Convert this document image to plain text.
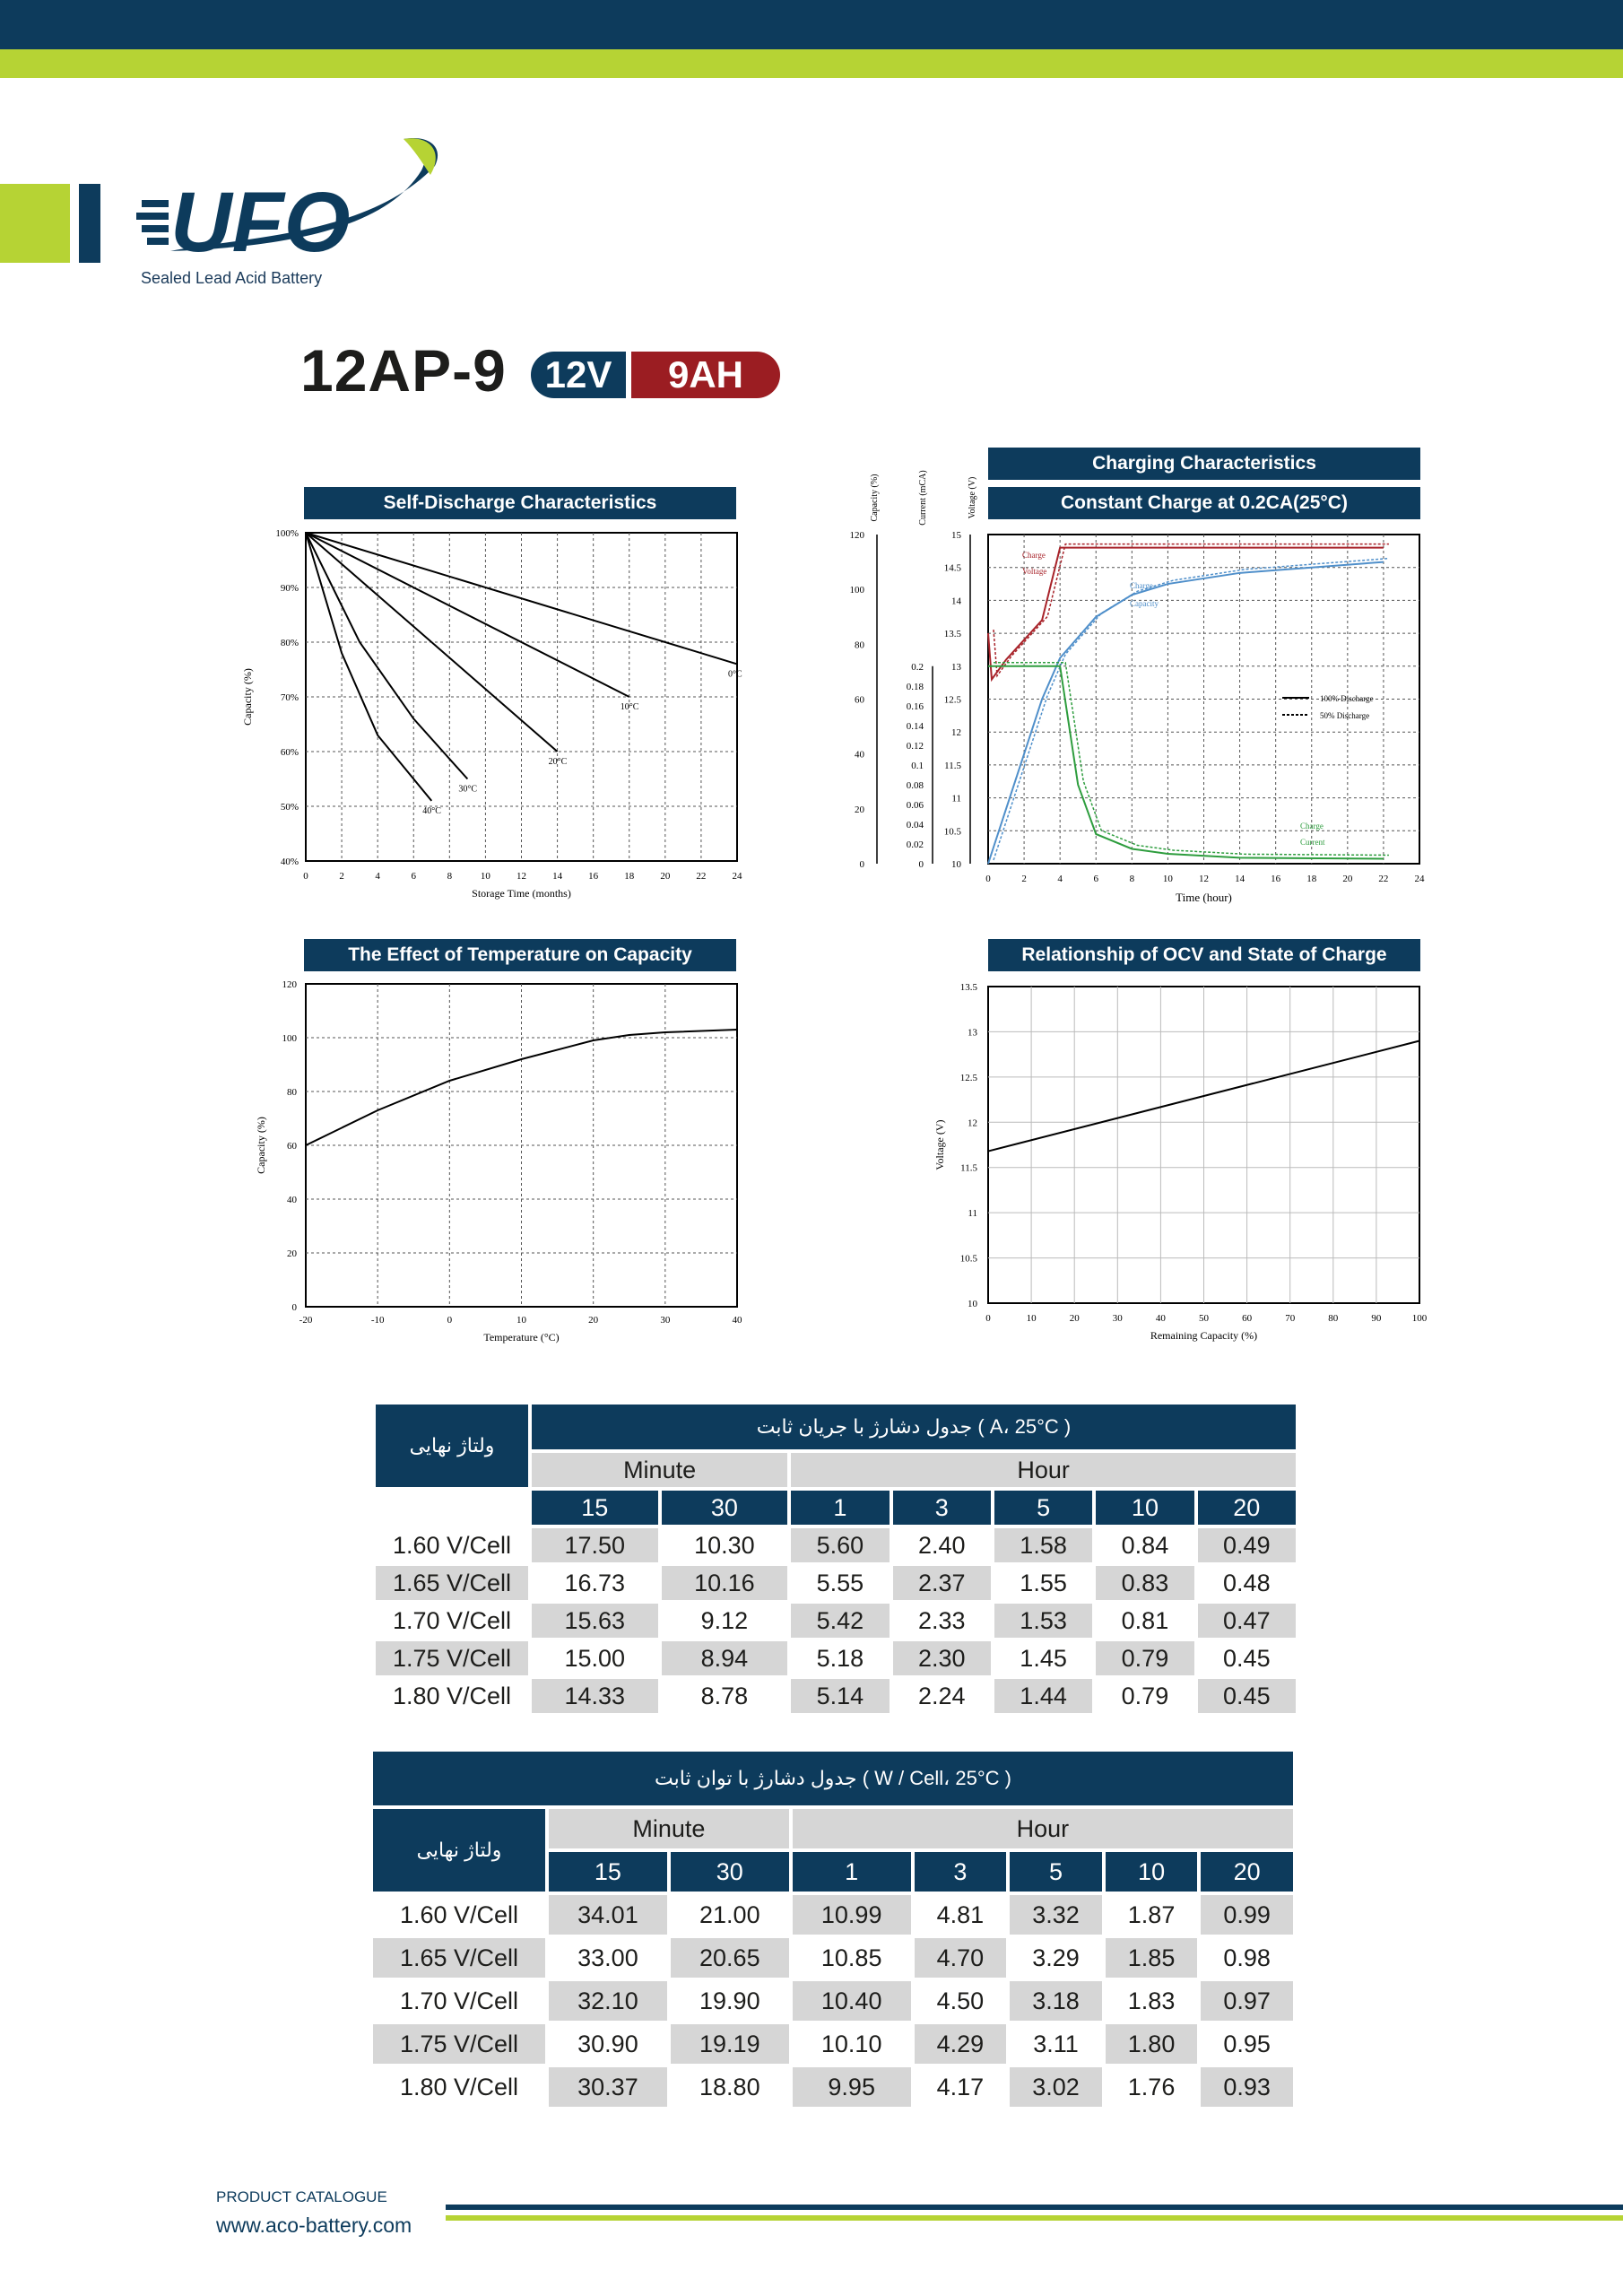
UFO
Sealed Lead Acid Battery
12AP-9	12V	9AH
Self-Discharge Characteristics
Charging Characteristics
Constant Charge at 0.2CA(25°C)
The Effect of Temperature on Capacity	Relationship of OCV and State of Charge
0	2	4	6	8	10	12	14	16	18	20	22	24
40%
50%
60%
70%
80%
90%
100%
Storage Time (months)
Capacity (%)	0°C
10°C
20°C
30°C
40°C
0	2	4	6	8	10	12	14	16	18	20	22	24
Time (hour)
10
10.5
11
11.5
12
12.5
13
13.5
14
14.5
15
Voltage (V)
0
0.02
0.04
0.06
0.08
0.1
0.12
0.14
0.16
0.18
0.2
Current (mCA)
0
20
40
60
80
100
120
Capacity (%)
Charge
Voltage
Charge
Capacity
Charge
Current
100% Discharge
50% Discharge
-20	-10	0	10	20	30	40
0
20
40
60
80
100
120
Temperature (°C)
Capacity (%)
0	10	20	30	40	50	60	70	80	90	100
10
10.5
11
11.5
12
12.5
13
13.5
Remaining Capacity (%)
Voltage (V)
ولتاژ نهایی	جدول دشارژ با جریان ثابت ( A، 25°C )						
	Minute		Hour				
	15	30	1	3	5	10	20
1.60 V/Cell	17.50	10.30	5.60	2.40	1.58	0.84	0.49
1.65 V/Cell	16.73	10.16	5.55	2.37	1.55	0.83	0.48
1.70 V/Cell	15.63	9.12	5.42	2.33	1.53	0.81	0.47
1.75 V/Cell	15.00	8.94	5.18	2.30	1.45	0.79	0.45
1.80 V/Cell	14.33	8.78	5.14	2.24	1.44	0.79	0.45
جدول دشارژ با توان ثابت ( W / Cell، 25°C )							
ولتاژ نهایی	Minute		Hour				
	15	30	1	3	5	10	20
1.60 V/Cell	34.01	21.00	10.99	4.81	3.32	1.87	0.99
1.65 V/Cell	33.00	20.65	10.85	4.70	3.29	1.85	0.98
1.70 V/Cell	32.10	19.90	10.40	4.50	3.18	1.83	0.97
1.75 V/Cell	30.90	19.19	10.10	4.29	3.11	1.80	0.95
1.80 V/Cell	30.37	18.80	9.95	4.17	3.02	1.76	0.93
PRODUCT CATALOGUE
www.aco-battery.com
